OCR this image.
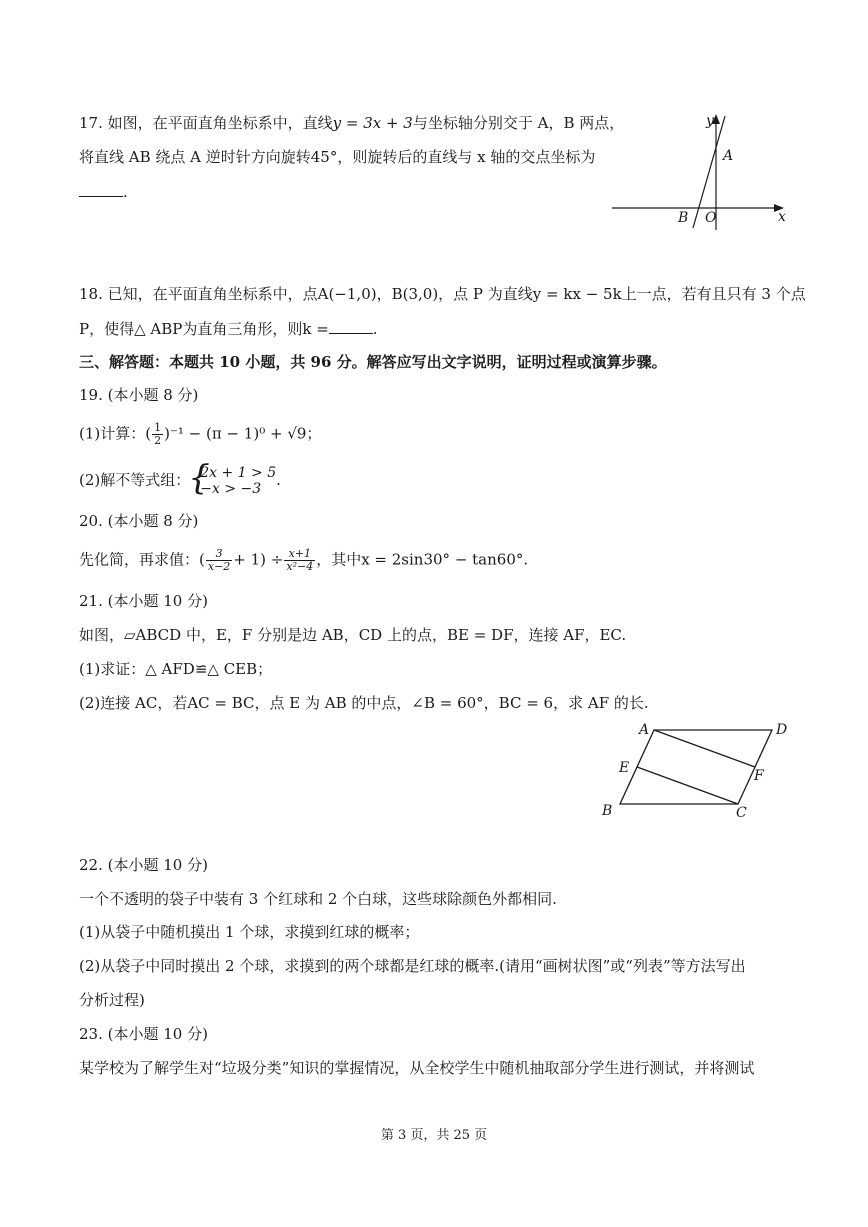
17. 如图，在平面直角坐标系中，直线y = 3x + 3与坐标轴分别交于 A，B 两点，
将直线 AB 绕点 A 逆时针方向旋转45°，则旋转后的直线与 x 轴的交点坐标为
.
y
x
A
B O
18. 已知，在平面直角坐标系中，点A(−1,0)，B(3,0)，点 P 为直线y = kx − 5k上一点，若有且只有 3 个点
P，使得△ ABP为直角三角形，则k =	.
三、解答题：本题共 10 小题，共 96 分。解答应写出文字说明，证明过程或演算步骤。
19. (本小题 8 分)
(1)计算：( $\frac{1}{2} )^{-1} - (\pi - 1)^0 + √9$；
(2)解不等式组：
{ 2x + 1 > 5
−x > −3 .
20. (本小题 8 分)
先化简，再求值：( $\frac{3}{x-2} + 1) \div \frac{x+1}{\text{x²−4}}$ ，其中x = 2sin30° − tan60°.
21. (本小题 10 分)
如图，▱ABCD 中，E，F 分别是边 AB，CD 上的点，BE = DF，连接 AF，EC.
(1)求证：△ AFD≌△ CEB；
(2)连接 AC，若AC = BC，点 E 为 AB 的中点，∠B = 60°，BC = 6，求 AF 的长.
A	D
E	F
B	C
22. (本小题 10 分)
一个不透明的袋子中装有 3 个红球和 2 个白球，这些球除颜色外都相同.
(1)从袋子中随机摸出 1 个球，求摸到红球的概率；
(2)从袋子中同时摸出 2 个球，求摸到的两个球都是红球的概率.(请用“画树状图”或“列表”等方法写出
分析过程)
23. (本小题 10 分)
某学校为了解学生对“垃圾分类”知识的掌握情况，从全校学生中随机抽取部分学生进行测试，并将测试
第 3 页，共 25 页
